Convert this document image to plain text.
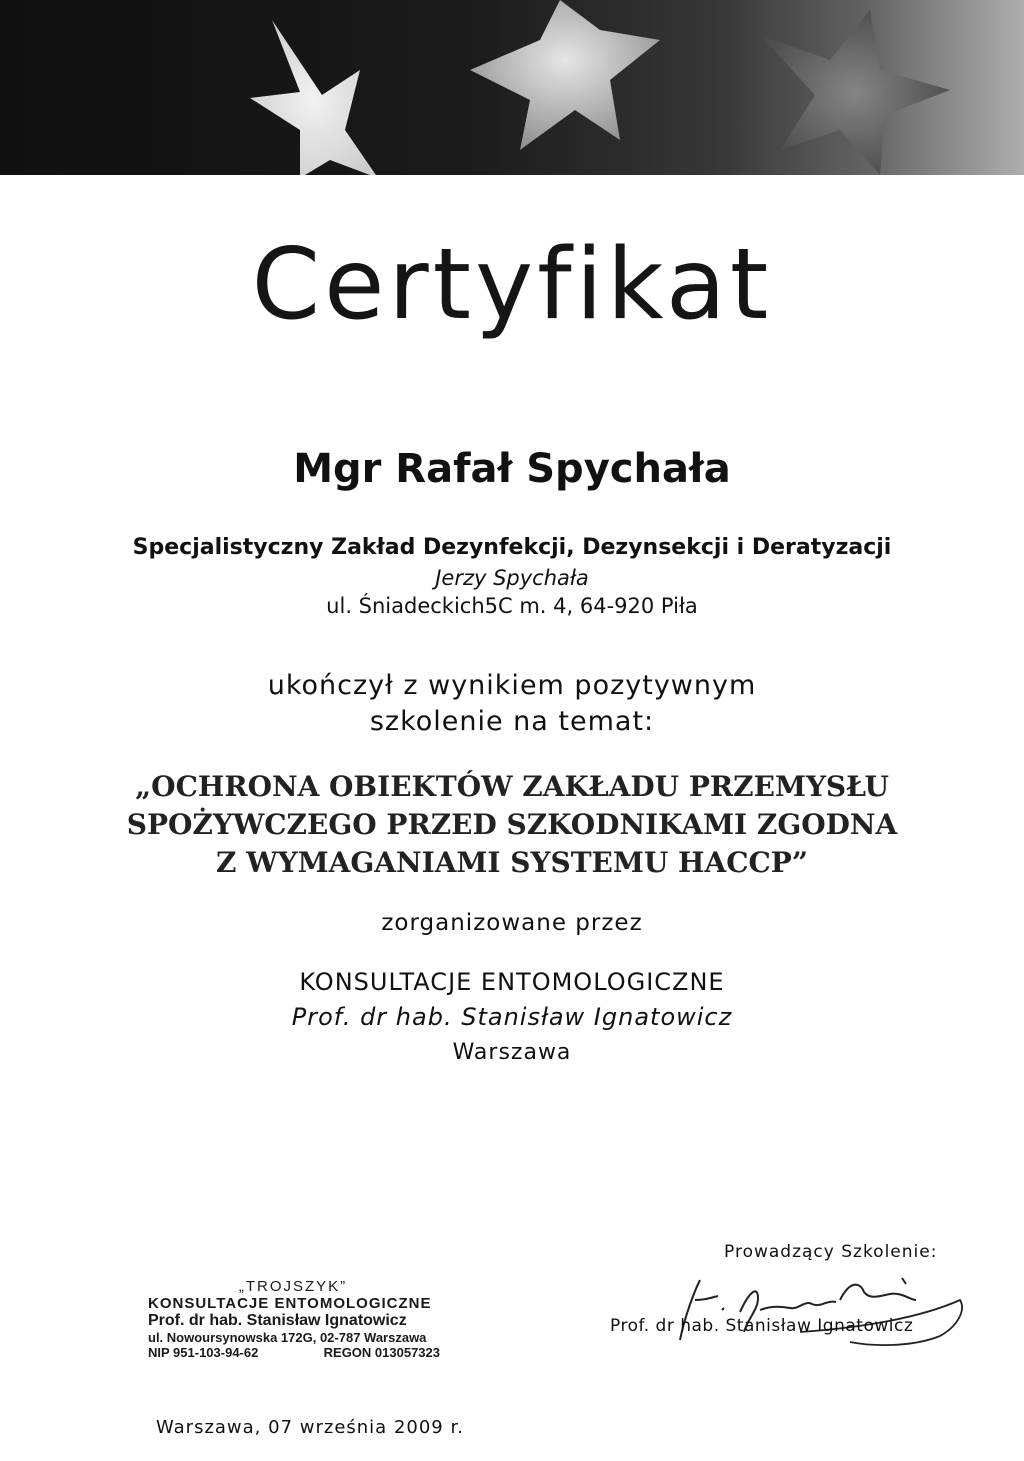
Certyfikat
Mgr Rafał Spychała
Specjalistyczny Zakład Dezynfekcji, Dezynsekcji i Deratyzacji
Jerzy Spychała
ul. Śniadeckich5C m. 4, 64-920 Piła
ukończył z wynikiem pozytywnym
szkolenie na temat:
„OCHRONA OBIEKTÓW ZAKŁADU PRZEMYSŁU
SPOŻYWCZEGO PRZED SZKODNIKAMI ZGODNA
Z WYMAGANIAMI SYSTEMU HACCP”
zorganizowane przez
KONSULTACJE ENTOMOLOGICZNE
Prof. dr hab. Stanisław Ignatowicz
Warszawa
„TROJSZYK”
KONSULTACJE ENTOMOLOGICZNE
Prof. dr hab. Stanisław Ignatowicz
ul. Nowoursynowska 172G, 02-787 Warszawa
NIP 951-103-94-62	REGON 013057323
Prowadzący Szkolenie:
Prof. dr hab. Stanisław Ignatowicz
Warszawa, 07 września 2009 r.
